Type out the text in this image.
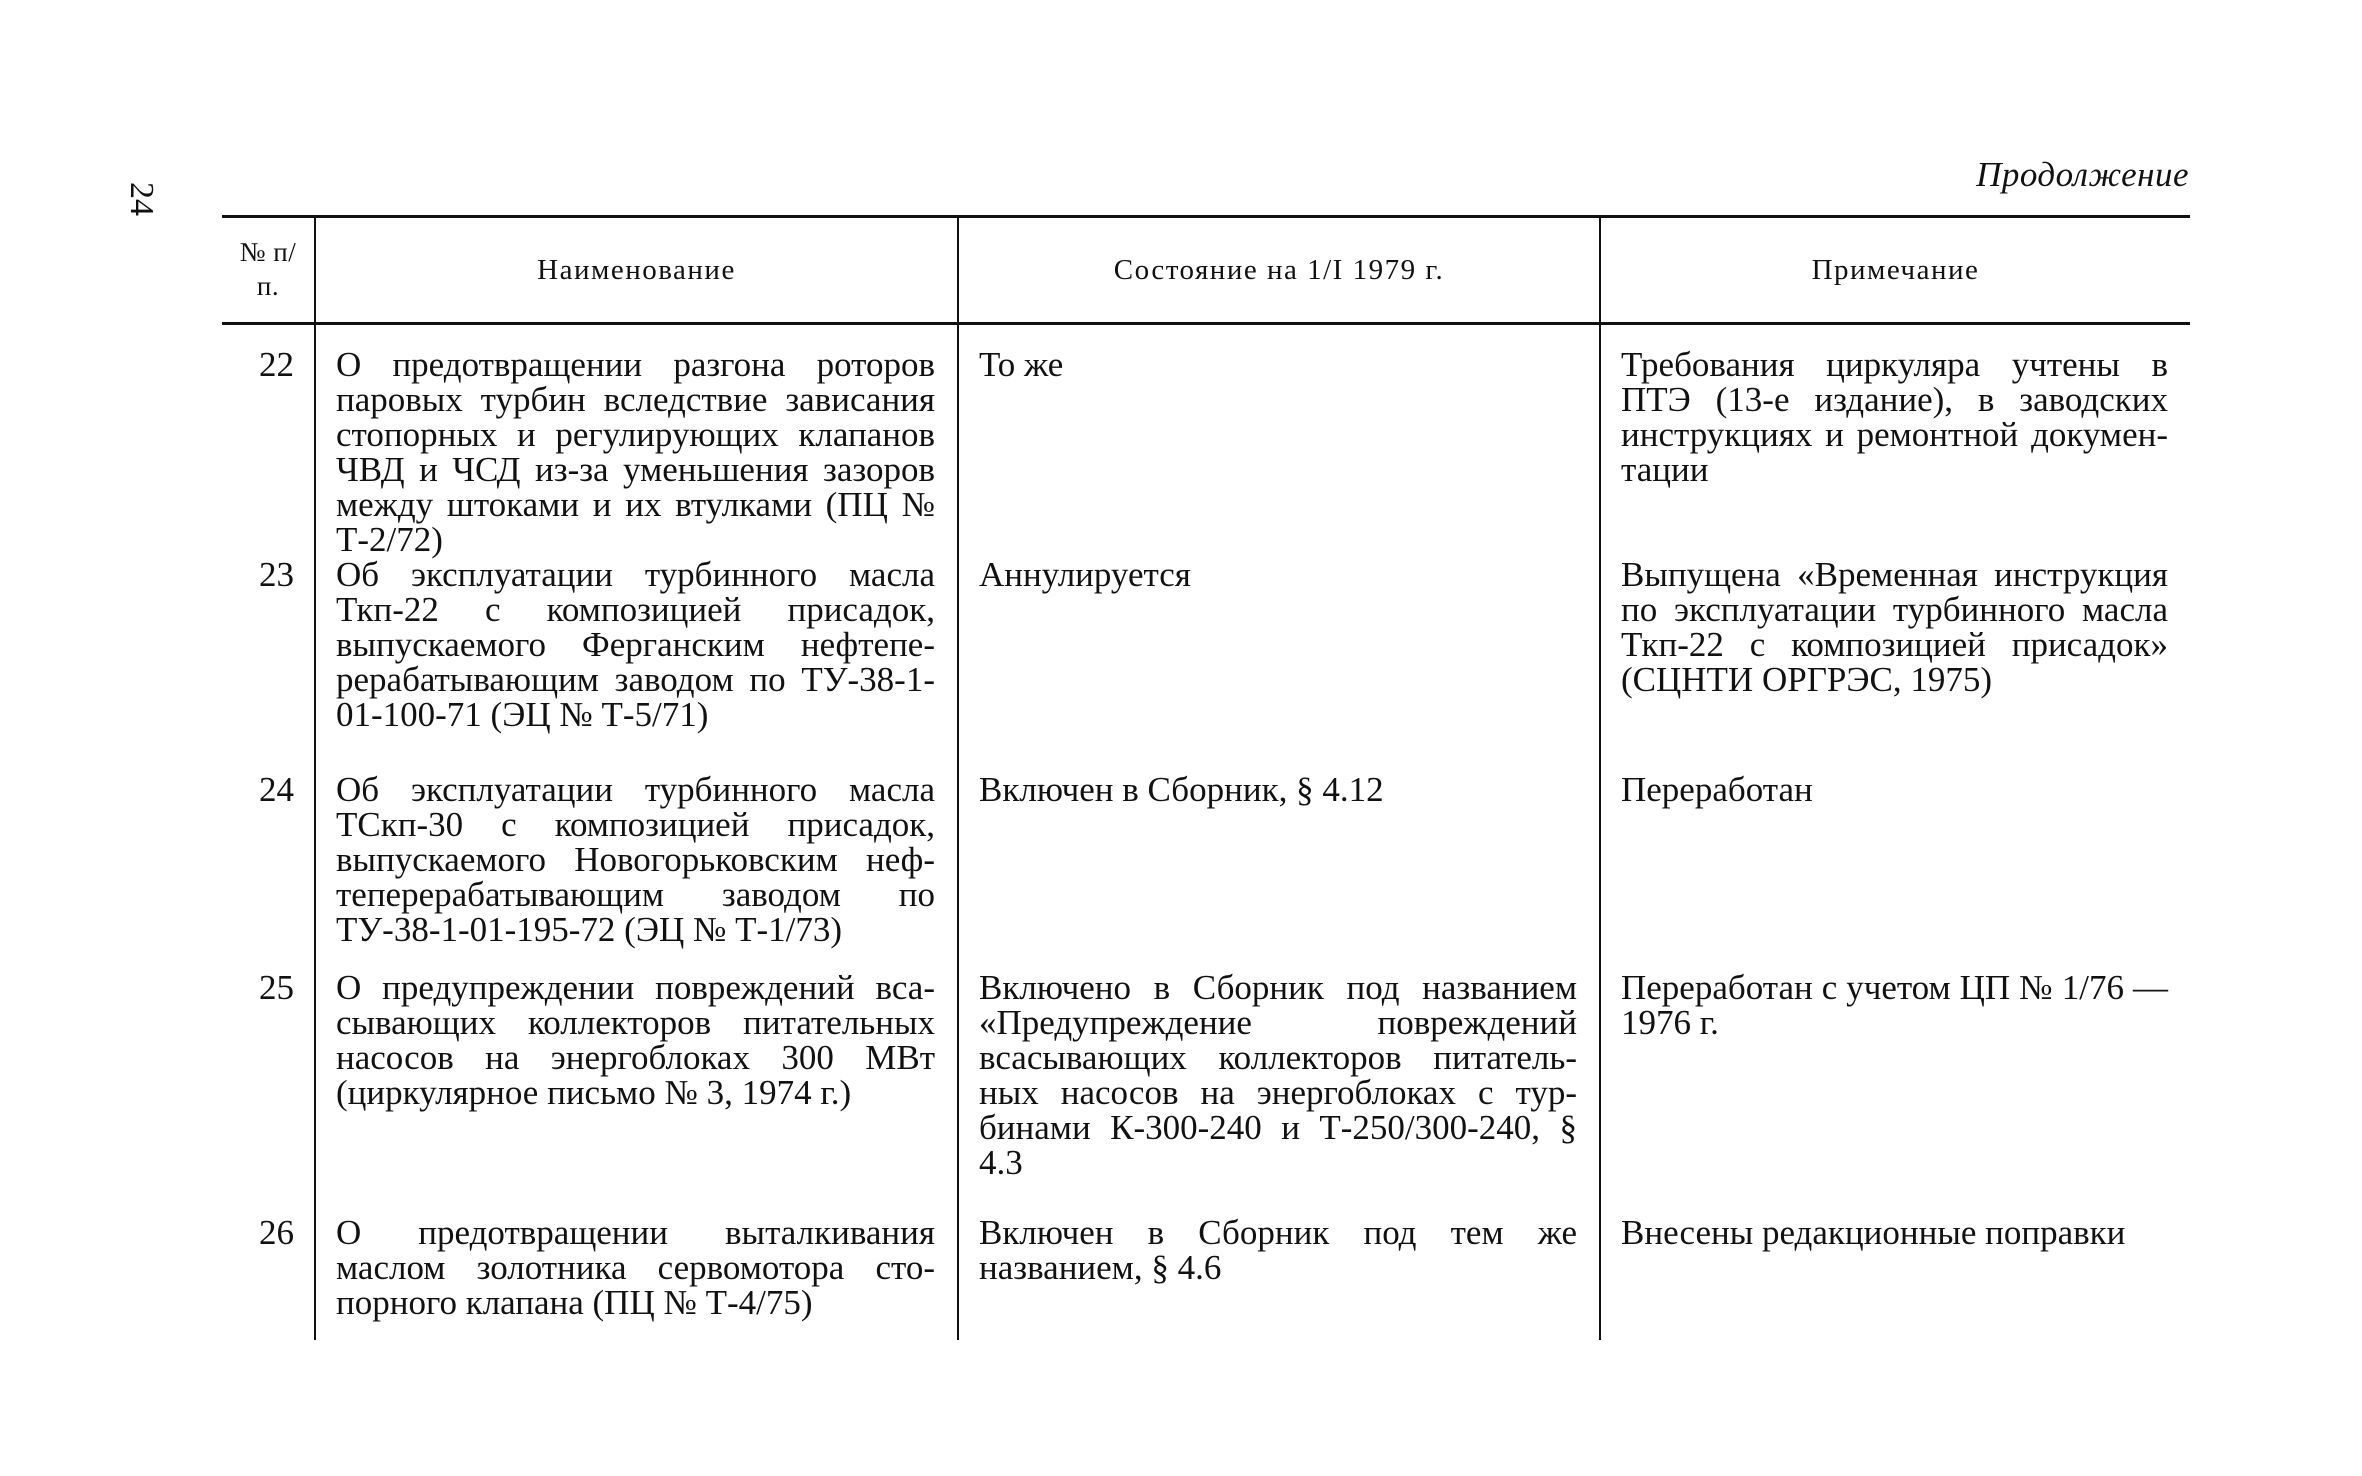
24
Продолжение
№ п/п.	Наименование	Состояние на 1/I 1979 г.	Примечание
22	О предотвращении разгона роторов паровых турбин вследствие зависания стопорных и регулирующих клапанов ЧВД и ЧСД из-за уменьшения зазоров между штоками и их втулками (ПЦ № Т-2/72)	То же	Требования циркуляра учтены в ПТЭ (13-е издание), в заводских инструкциях и ремонтной документации

23	Об эксплуатации турбинного масла Ткп-22 с композицией присадок, выпускаемого Ферганским нефтеперерабатывающим заводом по ТУ-38-1-01-100-71 (ЭЦ № Т-5/71)	Аннулируется	Выпущена «Временная инструкция по эксплуатации турбинного масла Ткп-22 с композицией присадок» (СЦНТИ ОРГРЭС, 1975)

24	Об эксплуатации турбинного масла ТСкп-30 с композицией присадок, выпускаемого Новогорьковским нефтеперерабатывающим заводом по ТУ-38-1-01-195-72 (ЭЦ № Т-1/73)	Включен в Сборник, § 4.12	Переработан

25	О предупреждении повреждений всасывающих коллекторов питательных насосов на энергоблоках 300 МВт (циркулярное письмо № 3, 1974 г.)	Включено в Сборник под названием «Предупреждение повреждений всасывающих коллекторов питательных насосов на энергоблоках с турбинами К-300-240 и Т-250/300-240, § 4.3	Переработан с учетом ЦП № 1/76 — 1976 г.

26	О предотвращении выталкивания маслом золотника сервомотора стопорного клапана (ПЦ № Т-4/75)	Включен в Сборник под тем же названием, § 4.6	Внесены редакционные поправки
